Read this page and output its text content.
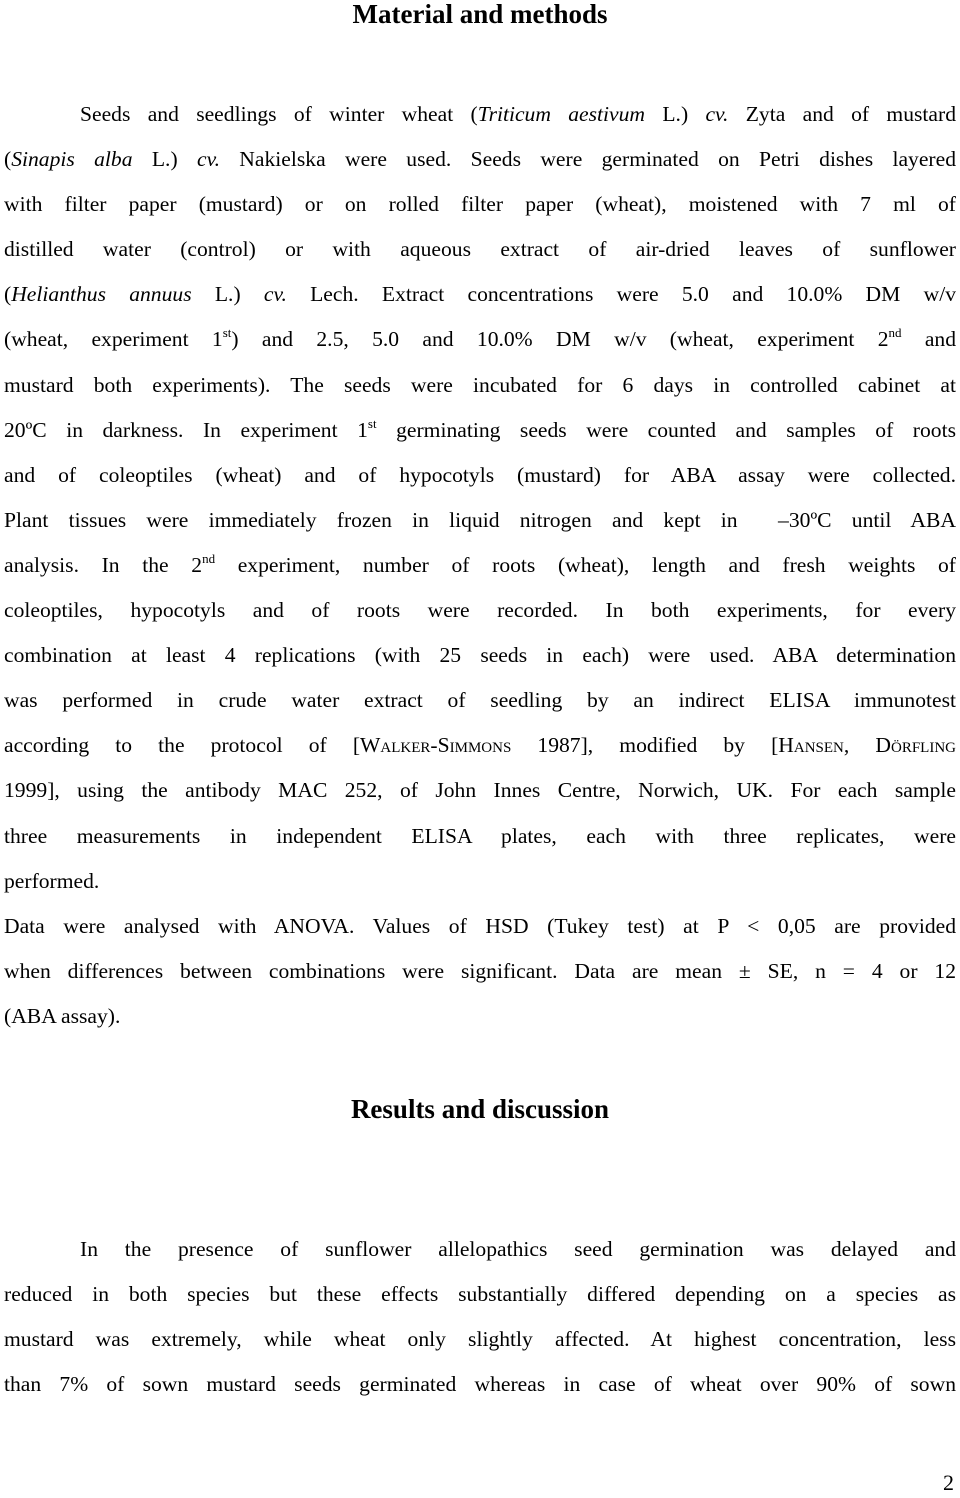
Material and methods
Seeds and seedlings of winter wheat (Triticum aestivum L.) cv. Zyta and of mustard
(Sinapis alba L.) cv. Nakielska were used. Seeds were germinated on Petri dishes layered
with filter paper (mustard) or on rolled filter paper (wheat), moistened with 7 ml of
distilled water (control) or with aqueous extract of air-dried leaves of sunflower
(Helianthus annuus L.) cv. Lech. Extract concentrations were 5.0 and 10.0% DM w/v
(wheat, experiment 1st) and 2.5, 5.0 and 10.0% DM w/v (wheat, experiment 2nd and
mustard both experiments). The seeds were incubated for 6 days in controlled cabinet at
20ºC in darkness. In experiment 1st germinating seeds were counted and samples of roots
and of coleoptiles (wheat) and of hypocotyls (mustard) for ABA assay were collected.
Plant tissues were immediately frozen in liquid nitrogen and kept in  –30ºC until ABA
analysis. In the 2nd experiment, number of roots (wheat), length and fresh weights of
coleoptiles, hypocotyls and of roots were recorded. In both experiments, for every
combination at least 4 replications (with 25 seeds in each) were used. ABA determination
was performed in crude water extract of seedling by an indirect ELISA immunotest
according to the protocol of [Walker-Simmons 1987], modified by [Hansen, Dörfling
1999], using the antibody MAC 252, of John Innes Centre, Norwich, UK. For each sample
three measurements in independent ELISA plates, each with three replicates, were
performed.
Data were analysed with ANOVA. Values of HSD (Tukey test) at P < 0,05 are provided
when differences between combinations were significant. Data are mean ± SE, n = 4 or 12
(ABA assay).
Results and discussion
In the presence of sunflower allelopathics seed germination was delayed and
reduced in both species but these effects substantially differed depending on a species as
mustard was extremely, while wheat only slightly affected. At highest concentration, less
than 7% of sown mustard seeds germinated whereas in case of wheat over 90% of sown
2
